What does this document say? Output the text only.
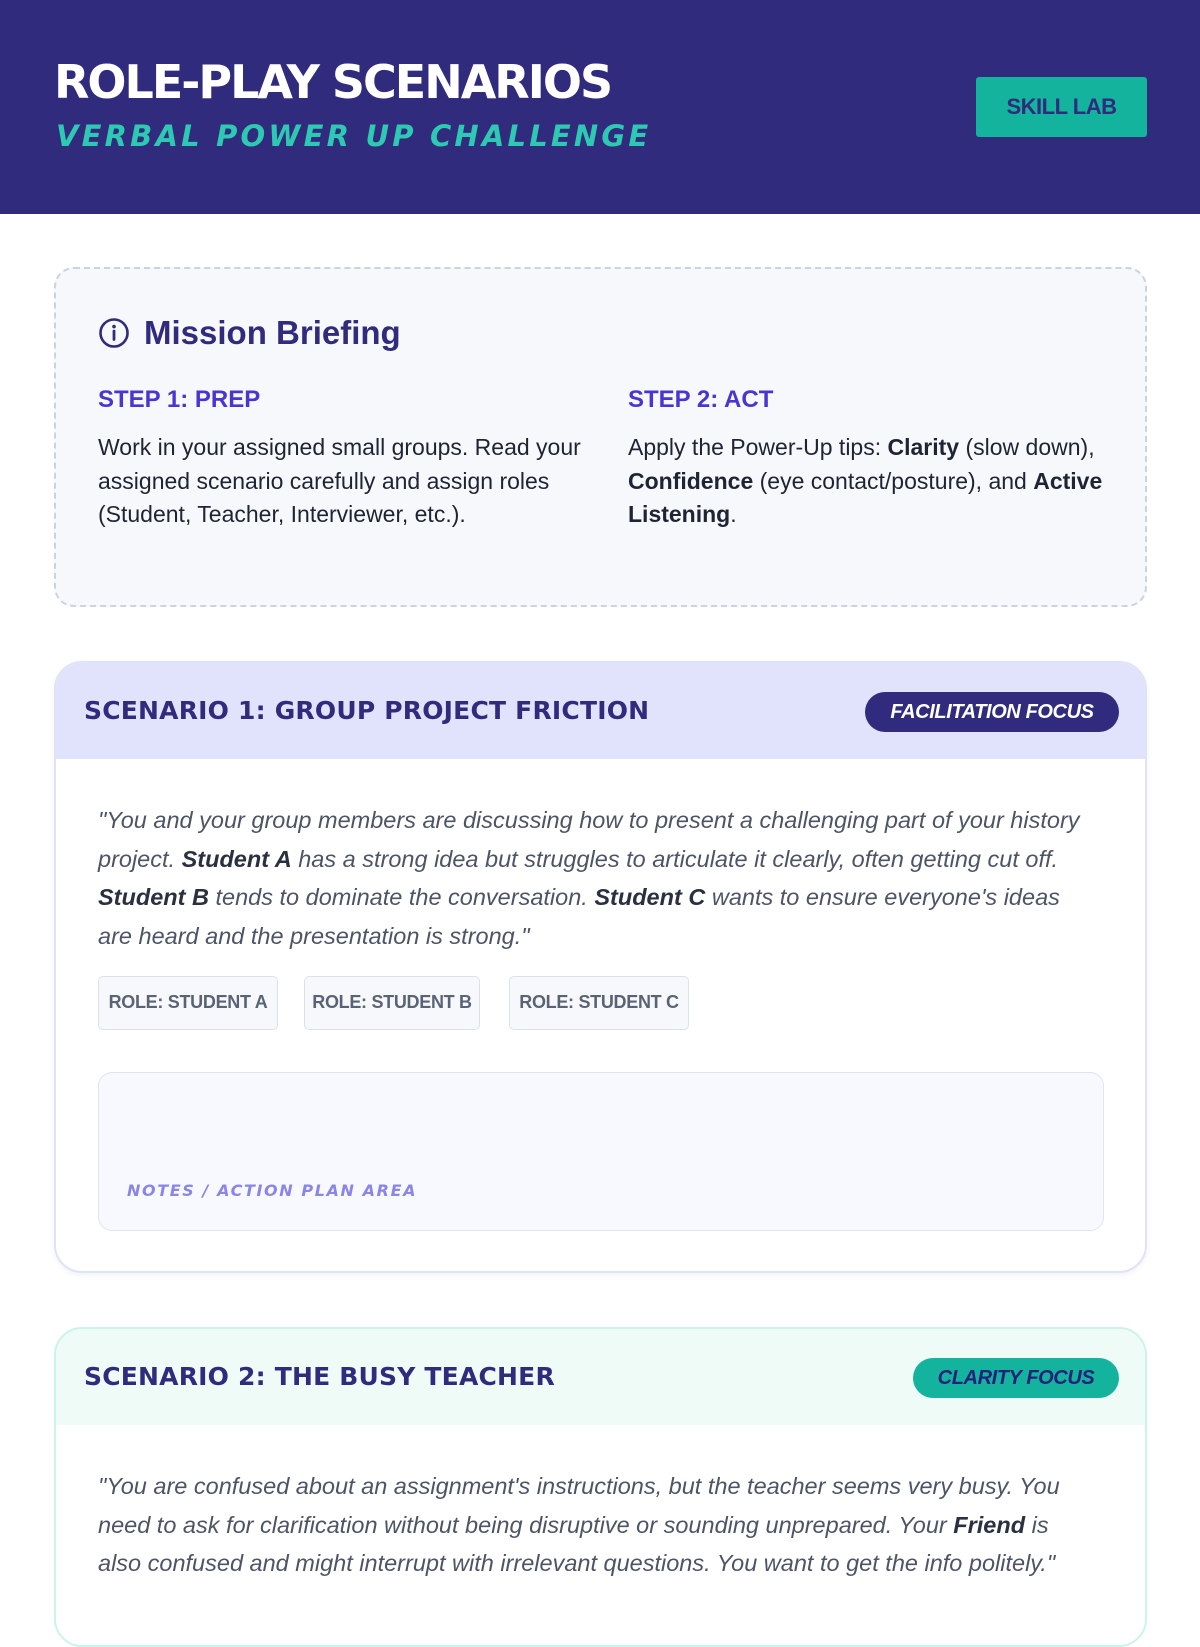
ROLE-PLAY SCENARIOS
VERBAL POWER UP CHALLENGE
SKILL LAB
Mission Briefing

STEP 1: PREP

Work in your assigned small groups. Read your assigned scenario carefully and assign roles (Student, Teacher, Interviewer, etc.).

STEP 2: ACT

Apply the Power-Up tips: Clarity (slow down), Confidence (eye contact/posture), and Active Listening.

SCENARIO 1: GROUP PROJECT FRICTION	FACILITATION FOCUS

"You and your group members are discussing how to present a challenging part of your history project. Student A has a strong idea but struggles to articulate it clearly, often getting cut off. Student B tends to dominate the conversation. Student C wants to ensure everyone's ideas are heard and the presentation is strong."

ROLE: STUDENT A	ROLE: STUDENT B	ROLE: STUDENT C
NOTES / ACTION PLAN AREA
SCENARIO 2: THE BUSY TEACHER	CLARITY FOCUS

"You are confused about an assignment's instructions, but the teacher seems very busy. You need to ask for clarification without being disruptive or sounding unprepared. Your Friend is also confused and might interrupt with irrelevant questions. You want to get the info politely."
